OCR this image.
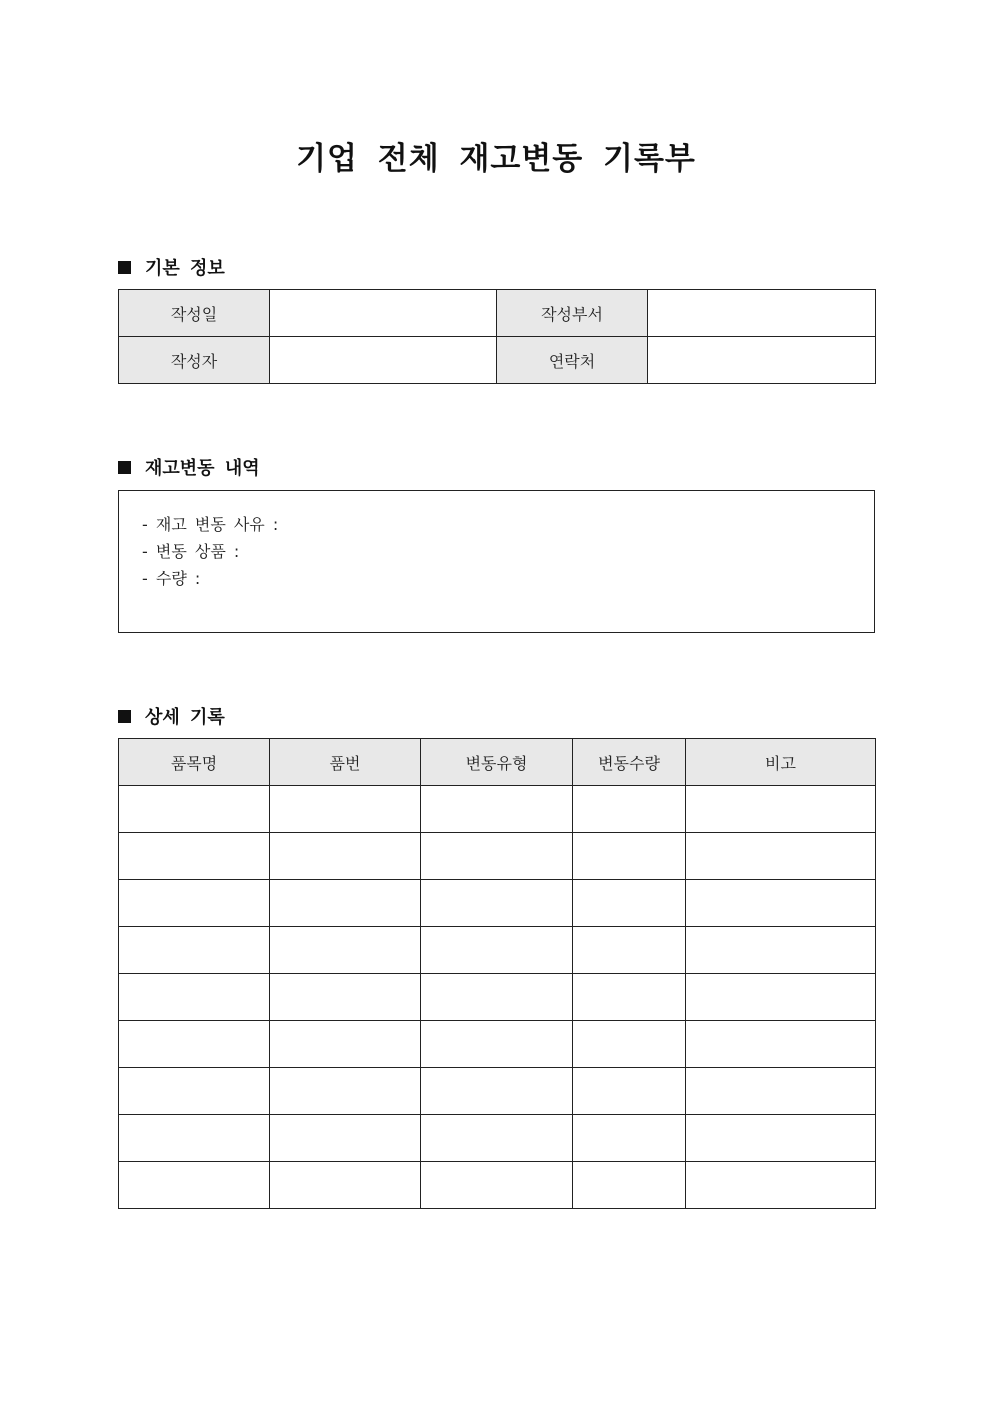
기업 전체 재고변동 기록부
기본 정보
작성일		작성부서	
작성자		연락처	
재고변동 내역
- 재고 변동 사유 :
- 변동 상품 :
- 수량 :
상세 기록
품목명	품번	변동유형	변동수량	비고
